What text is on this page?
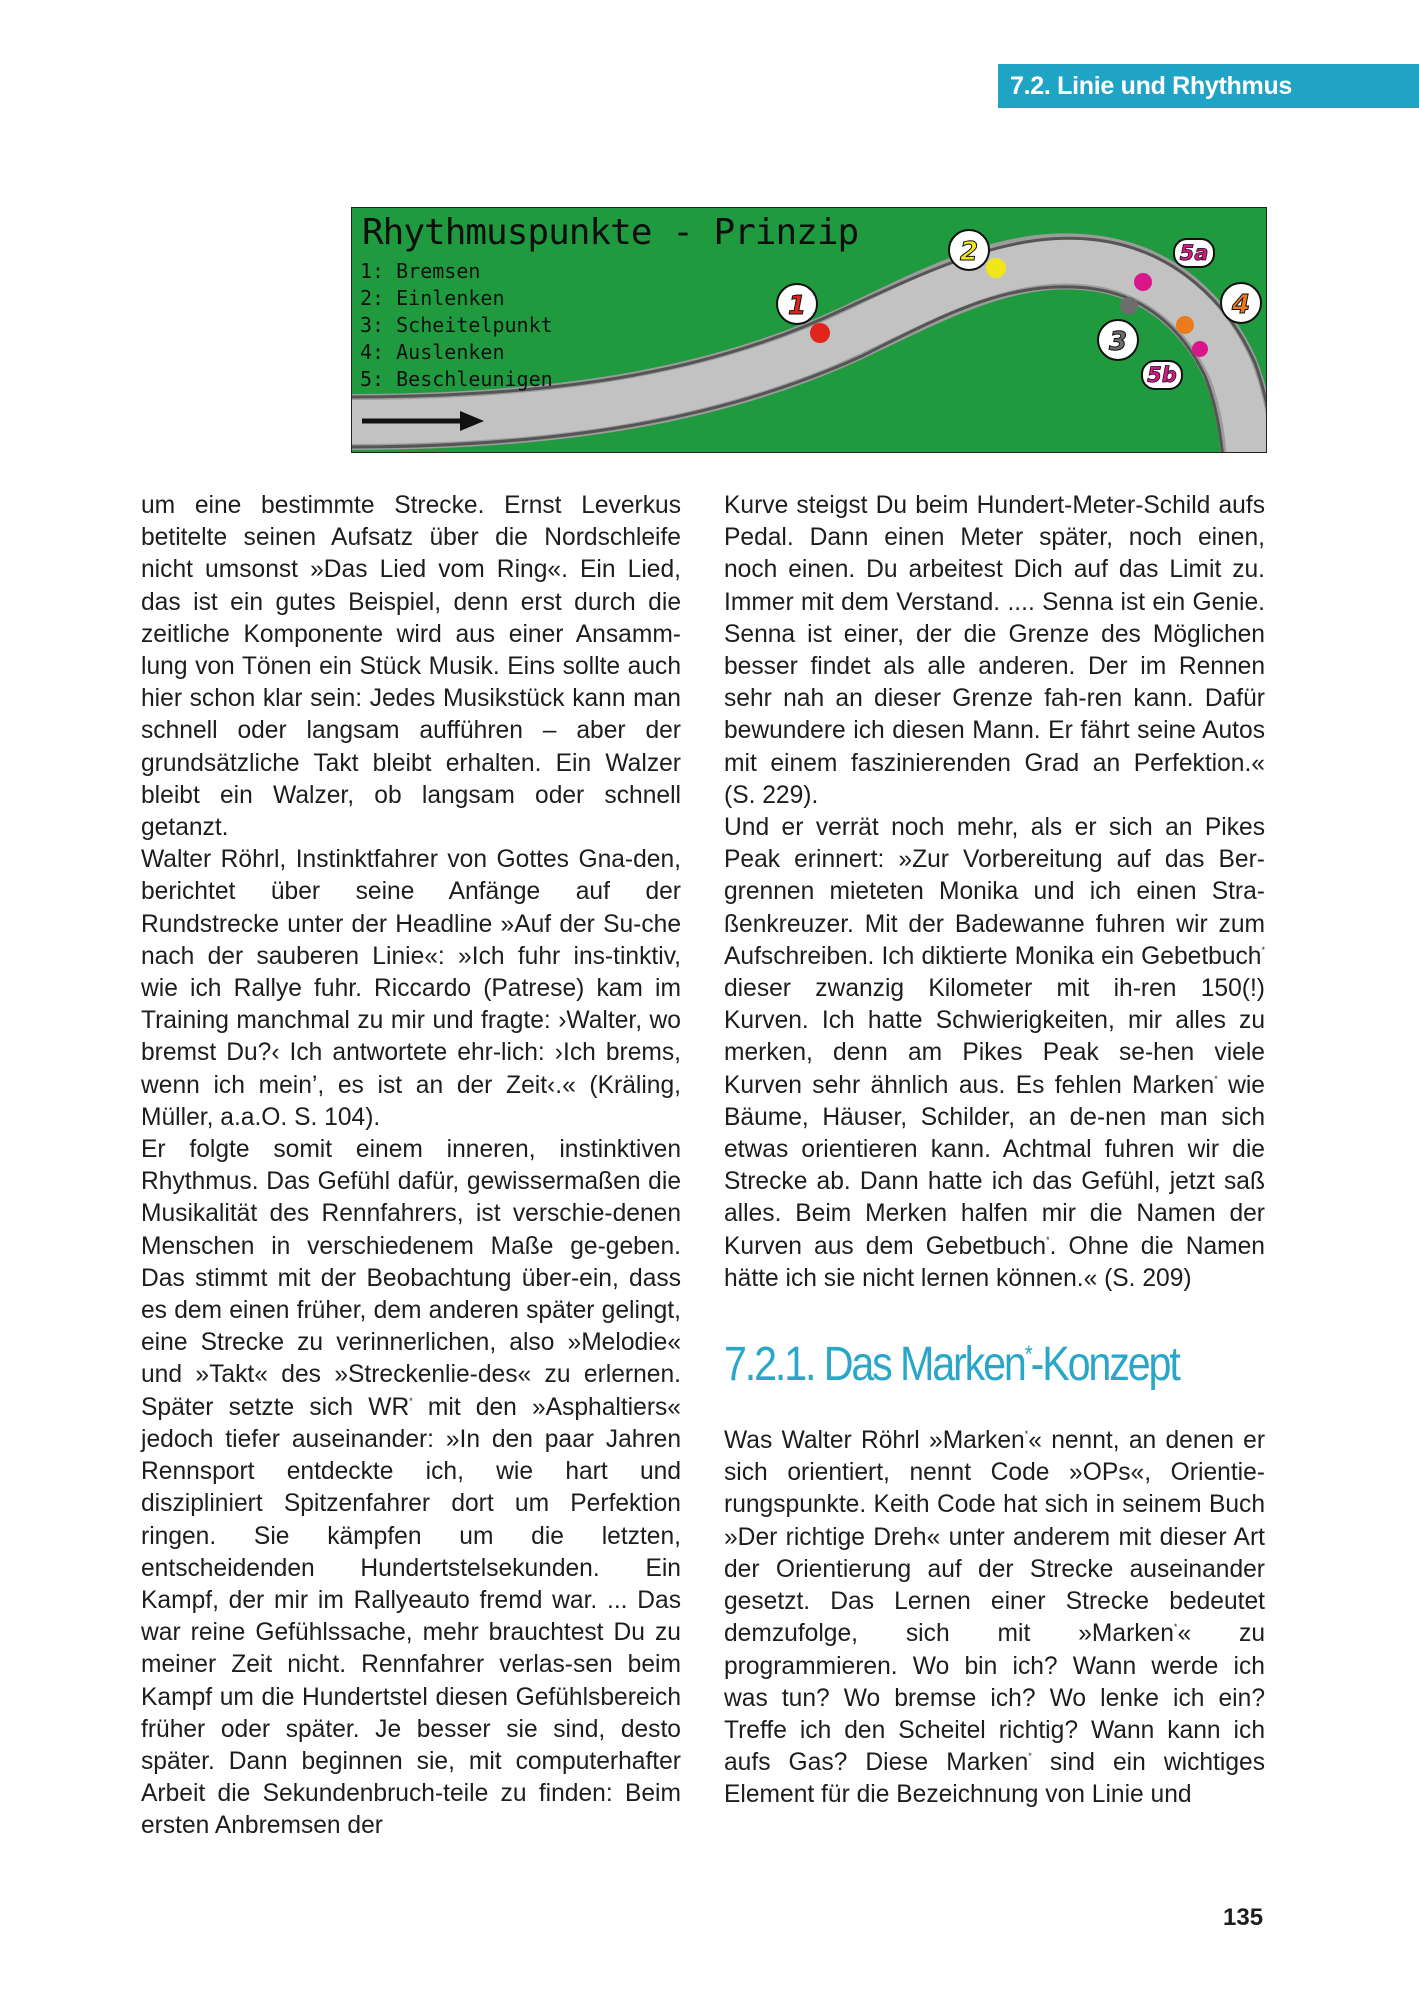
7.2. Linie und Rhythmus
1
2
3
4
5a
5b
Rhythmuspunkte - Prinzip
1: Bremsen
2: Einlenken
3: Scheitelpunkt
4: Auslenken
5: Beschleunigen

um eine bestimmte Strecke. Ernst Leverkus betitelte seinen Aufsatz über die Nordschleife nicht umsonst »Das Lied vom Ring«. Ein Lied, das ist ein gutes Beispiel, denn erst durch die zeitliche Komponente wird aus einer Ansamm-lung von Tönen ein Stück Musik. Eins sollte auch hier schon klar sein: Jedes Musikstück kann man schnell oder langsam aufführen – aber der grundsätzliche Takt bleibt erhalten. Ein Walzer bleibt ein Walzer, ob langsam oder schnell getanzt.

Walter Röhrl, Instinktfahrer von Gottes Gna-den, berichtet über seine Anfänge auf der Rundstrecke unter der Headline »Auf der Su-che nach der sauberen Linie«: »Ich fuhr ins-tinktiv, wie ich Rallye fuhr. Riccardo (Patrese) kam im Training manchmal zu mir und fragte: ›Walter, wo bremst Du?‹ Ich antwortete ehr-lich: ›Ich brems, wenn ich mein’, es ist an der Zeit‹.« (Kräling, Müller, a.a.O. S. 104).

Er folgte somit einem inneren, instinktiven Rhythmus. Das Gefühl dafür, gewissermaßen die Musikalität des Rennfahrers, ist verschie-denen Menschen in verschiedenem Maße ge-geben. Das stimmt mit der Beobachtung über-ein, dass es dem einen früher, dem anderen später gelingt, eine Strecke zu verinnerlichen, also »Melodie« und »Takt« des »Streckenlie-des« zu erlernen. Später setzte sich WR* mit den »Asphaltiers« jedoch tiefer auseinander: »In den paar Jahren Rennsport entdeckte ich, wie hart und diszipliniert Spitzenfahrer dort um Perfektion ringen. Sie kämpfen um die letzten, entscheidenden Hundertstelsekunden. Ein Kampf, der mir im Rallyeauto fremd war. ... Das war reine Gefühlssache, mehr brauchtest Du zu meiner Zeit nicht. Rennfahrer verlas-sen beim Kampf um die Hundertstel diesen Gefühlsbereich früher oder später. Je besser sie sind, desto später. Dann beginnen sie, mit computerhafter Arbeit die Sekundenbruch-teile zu finden: Beim ersten Anbremsen der

Kurve steigst Du beim Hundert-Meter-Schild aufs Pedal. Dann einen Meter später, noch einen, noch einen. Du arbeitest Dich auf das Limit zu. Immer mit dem Verstand. .... Senna ist ein Genie. Senna ist einer, der die Grenze des Möglichen besser findet als alle anderen. Der im Rennen sehr nah an dieser Grenze fah-ren kann. Dafür bewundere ich diesen Mann. Er fährt seine Autos mit einem faszinierenden Grad an Perfektion.« (S. 229).

Und er verrät noch mehr, als er sich an Pikes Peak erinnert: »Zur Vorbereitung auf das Ber-grennen mieteten Monika und ich einen Stra-ßenkreuzer. Mit der Badewanne fuhren wir zum Aufschreiben. Ich diktierte Monika ein Gebetbuch* dieser zwanzig Kilometer mit ih-ren 150(!) Kurven. Ich hatte Schwierigkeiten, mir alles zu merken, denn am Pikes Peak se-hen viele Kurven sehr ähnlich aus. Es fehlen Marken* wie Bäume, Häuser, Schilder, an de-nen man sich etwas orientieren kann. Achtmal fuhren wir die Strecke ab. Dann hatte ich das Gefühl, jetzt saß alles. Beim Merken halfen mir die Namen der Kurven aus dem Gebetbuch*. Ohne die Namen hätte ich sie nicht lernen können.« (S. 209)

7.2.1. Das Marken*-Konzept

Was Walter Röhrl »Marken*« nennt, an denen er sich orientiert, nennt Code »OPs«, Orientie-rungspunkte. Keith Code hat sich in seinem Buch »Der richtige Dreh« unter anderem mit dieser Art der Orientierung auf der Strecke auseinander gesetzt. Das Lernen einer Strecke bedeutet demzufolge, sich mit »Marken*« zu programmieren. Wo bin ich? Wann werde ich was tun? Wo bremse ich? Wo lenke ich ein? Treffe ich den Scheitel richtig? Wann kann ich aufs Gas? Diese Marken* sind ein wichtiges Element für die Bezeichnung von Linie und

135
